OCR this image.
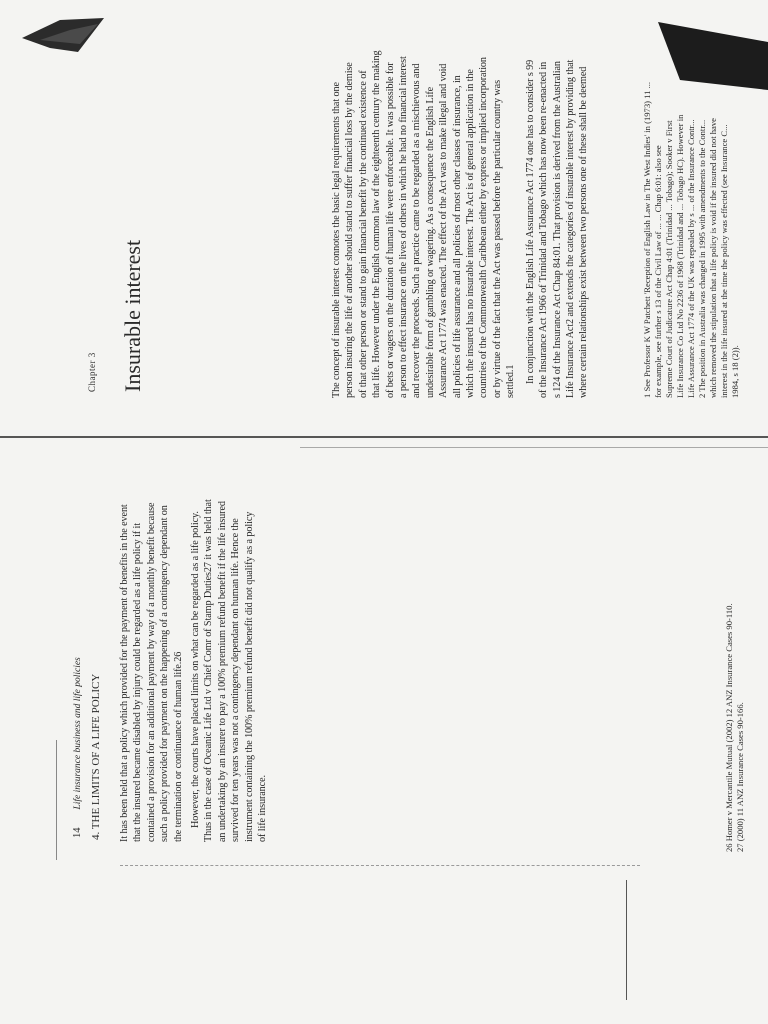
14  Life insurance business and life policies 4. THE LIMITS OF A LIFE POLICY It has been held that a policy which provided for the payment of benefits in the event that the insured became disabled by injury could be regarded as a life policy if it contained a provision for an additional payment by way of a monthly benefit because such a policy provided for payment on the happening of a contingency dependant on the termination or continuance of human life.26 However, the courts have placed limits on what can be regarded as a life policy. Thus in the case of Oceanic Life Ltd v Chief Comr of Stamp Duties27 it was held that an undertaking by an insurer to pay a 100% premium refund benefit if the life insured survived for ten years was not a contingency dependant on human life. Hence the instrument containing the 100% premium refund benefit did not qualify as a policy of life insurance.	26 Homer v Mercantile Mutual (2002) 12 ANZ Insurance Cases 90-110. 27 (2000) 11 ANZ Insurance Cases 90-166.
Chapter 3 Insurable interest	The concept of insurable interest connotes the basic legal requirements that one person insuring the life of another should stand to suffer financial loss by the demise of that other person or stand to gain financial benefit by the continued existence of that life. However under the English common law of the eighteenth century the making of bets or wagers on the duration of human life were enforceable. It was possible for a person to effect insurance on the lives of others in which he had no financial interest and recover the proceeds. Such a practice came to be regarded as a mischievous and undesirable form of gambling or wagering. As a consequence the English Life Assurance Act 1774 was enacted. The effect of the Act was to make illegal and void all policies of life assurance and all policies of most other classes of insurance, in which the insured has no insurable interest. The Act is of general application in the countries of the Commonwealth Caribbean either by express or implied incorporation or by virtue of the fact that the Act was passed before the particular country was settled.1 In conjunction with the English Life Assurance Act 1774 one has to consider s 99 of the Insurance Act 1966 of Trinidad and Tobago which has now been re-enacted in s 124 of the Insurance Act Chap 84:01. That provision is derived from the Australian Life Insurance Act2 and extends the categories of insurable interest by providing that where certain relationships exist between two persons one of these shall be deemed	1 See Professor K W Patchett 'Reception of English Law in The West Indies' in (1973) 11 ... for example, see further s 13 of the Civil Law of ... ... Chap 6:01: also see Supreme Court of Judicature Act Chap 4:01 (Trinidad ... Tobago); Sooker v First Life Insurance Co Ltd No 2236 of 1968 (Trinidad and ... Tobago HC). However in Life Assurance Act 1774 of the UK was repealed by s ... of the Insurance Contr... 2 The position in Australia was changed in 1995 with amendments to the Contr... which removed the stipulation that a life policy is void if the insured did not have interest in the life insured at the time the policy was effected (see Insurance C... 1984, s 18 (2)).
